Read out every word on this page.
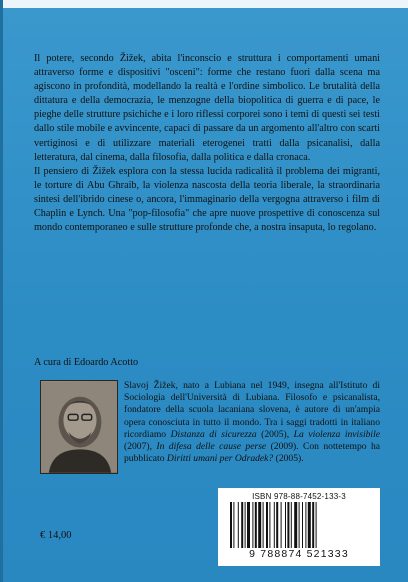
Il potere, secondo Žižek, abita l'inconscio e struttura i comportamenti umani attraverso forme e dispositivi "osceni": forme che restano fuori dalla scena ma agiscono in profondità, modellando la realtà e l'ordine simbolico. Le brutalità della dittatura e della democrazia, le menzogne della biopolitica di guerra e di pace, le pieghe delle strutture psichiche e i loro riflessi corporei sono i temi di questi sei testi dallo stile mobile e avvincente, capaci di passare da un argomento all'altro con scarti vertiginosi e di utilizzare materiali eterogenei tratti dalla psicanalisi, dalla letteratura, dal cinema, dalla filosofia, dalla politica e dalla cronaca.

Il pensiero di Žižek esplora con la stessa lucida radicalità il problema dei migranti, le torture di Abu Ghraib, la violenza nascosta della teoria liberale, la straordinaria sintesi dell'ibrido cinese o, ancora, l'immaginario della vergogna attraverso i film di Chaplin e Lynch. Una "pop-filosofia" che apre nuove prospettive di conoscenza sul mondo contemporaneo e sulle strutture profonde che, a nostra insaputa, lo regolano.

A cura di Edoardo Acotto

Slavoj Žižek, nato a Lubiana nel 1949, insegna all'Istituto di Sociologia dell'Università di Lubiana. Filosofo e psicanalista, fondatore della scuola lacaniana slovena, è autore di un'ampia opera conosciuta in tutto il mondo. Tra i saggi tradotti in italiano ricordiamo Distanza di sicurezza (2005), La violenza invisibile (2007), In difesa delle cause perse (2009). Con nottetempo ha pubblicato Diritti umani per Odradek? (2005).

ISBN 978-88-7452-133-3
9 788874 521333
€ 14,00
